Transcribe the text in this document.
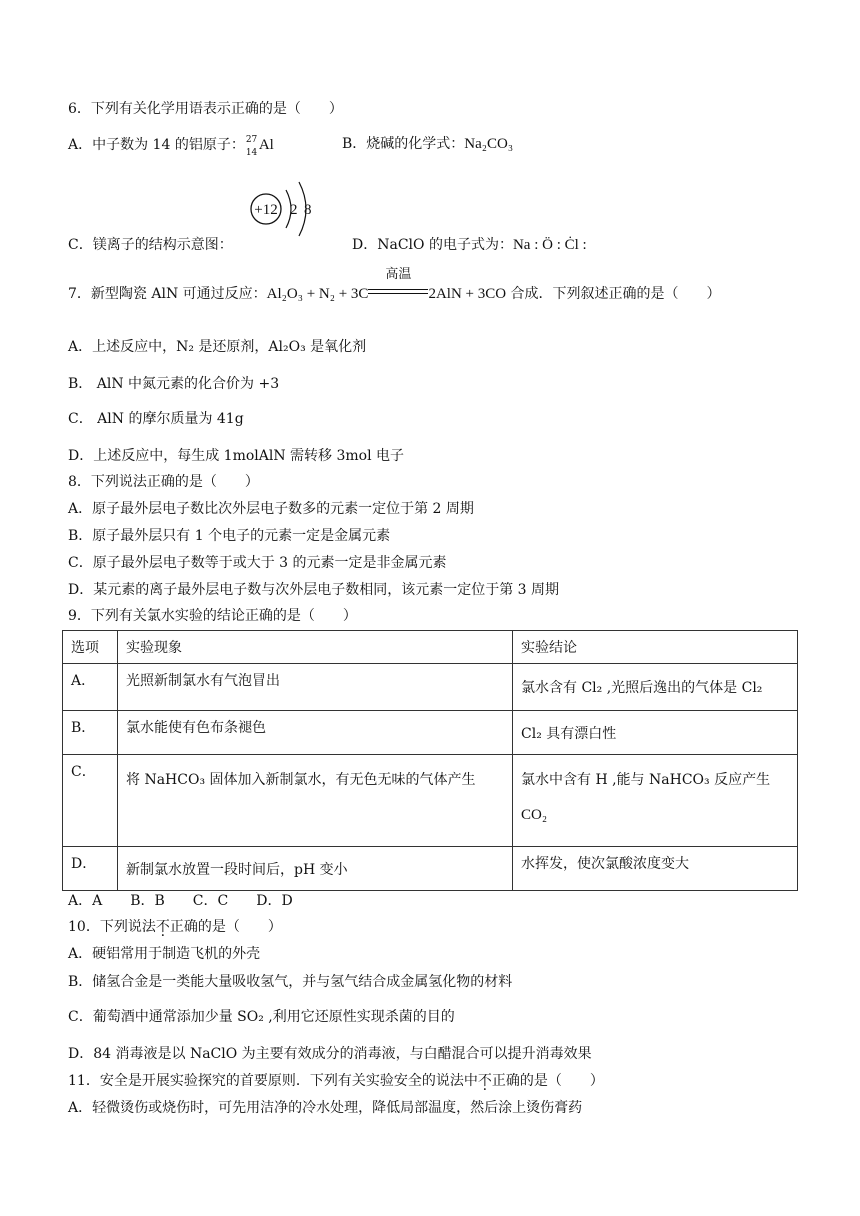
6．下列有关化学用语表示正确的是（　　）
A．中子数为 14 的铝原子： 27
14 Al	B．烧碱的化学式：Na₂CO₃
+12 2 8
C．镁离子的结构示意图：	D．NaClO 的电子式为：Na : Ö : Ċl :
7．新型陶瓷 AlN 可通过反应：Al₂O₃ + N₂ + 3C
高温
2AlN + 3CO 合成．下列叙述正确的是（　　）
A．上述反应中，N₂ 是还原剂，Al₂O₃ 是氧化剂
B． AlN 中氮元素的化合价为 +3
C． AlN 的摩尔质量为 41g
D．上述反应中，每生成 1molAlN 需转移 3mol 电子
8．下列说法正确的是（　　）
A．原子最外层电子数比次外层电子数多的元素一定位于第 2 周期
B．原子最外层只有 1 个电子的元素一定是金属元素
C．原子最外层电子数等于或大于 3 的元素一定是非金属元素
D．某元素的离子最外层电子数与次外层电子数相同，该元素一定位于第 3 周期
9．下列有关氯水实验的结论正确的是（　　）
选项	实验现象	实验结论
A．	光照新制氯水有气泡冒出	氯水含有 Cl₂ ,光照后逸出的气体是 Cl₂
B．	氯水能使有色布条褪色	Cl₂ 具有漂白性
C．	将 NaHCO₃ 固体加入新制氯水，有无色无味的气体产生	氯水中含有 H ,能与 NaHCO₃ 反应产生
CO₂

D．	新制氯水放置一段时间后，pH 变小	水挥发，使次氯酸浓度变大
A．A　　B．B　　C．C　　D．D
10．下列说法不正确的是（　　）
A．硬铝常用于制造飞机的外壳
B．储氢合金是一类能大量吸收氢气，并与氢气结合成金属氢化物的材料
C．葡萄酒中通常添加少量 SO₂ ,利用它还原性实现杀菌的目的
D．84 消毒液是以 NaClO 为主要有效成分的消毒液，与白醋混合可以提升消毒效果
11．安全是开展实验探究的首要原则．下列有关实验安全的说法中不正确的是（　　）
A．轻微烫伤或烧伤时，可先用洁净的冷水处理，降低局部温度，然后涂上烫伤膏药
